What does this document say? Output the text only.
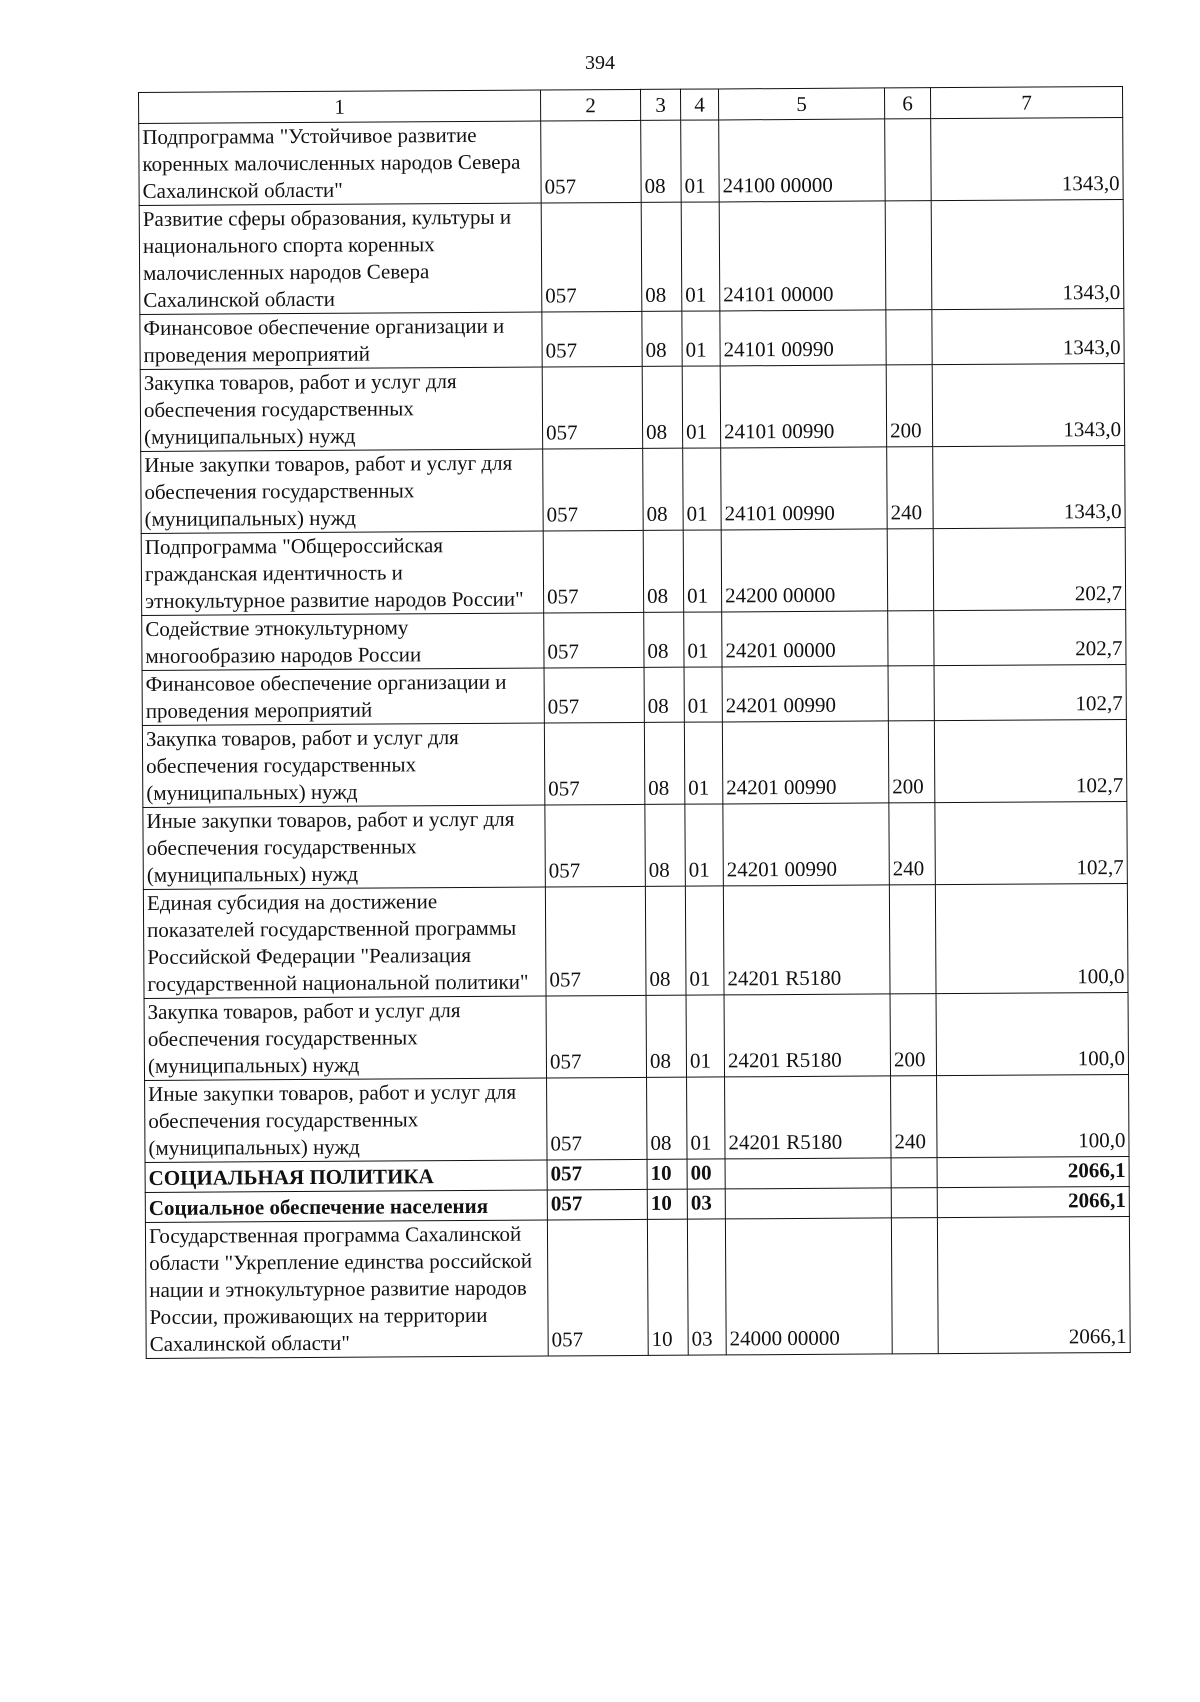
394
1	2	3	4	5	6	7
Подпрограмма "Устойчивое развитие коренных малочисленных народов Севера Сахалинской области"	057	08	01	24100 00000		1343,0
Развитие сферы образования, культуры и национального спорта коренных малочисленных народов Севера Сахалинской области	057	08	01	24101 00000		1343,0
Финансовое обеспечение организации и проведения мероприятий	057	08	01	24101 00990		1343,0
Закупка товаров, работ и услуг для обеспечения государственных (муниципальных) нужд	057	08	01	24101 00990	200	1343,0
Иные закупки товаров, работ и услуг для обеспечения государственных (муниципальных) нужд	057	08	01	24101 00990	240	1343,0
Подпрограмма "Общероссийская гражданская идентичность и этнокультурное развитие народов России"	057	08	01	24200 00000		202,7
Содействие этнокультурному многообразию народов России	057	08	01	24201 00000		202,7
Финансовое обеспечение организации и проведения мероприятий	057	08	01	24201 00990		102,7
Закупка товаров, работ и услуг для обеспечения государственных (муниципальных) нужд	057	08	01	24201 00990	200	102,7
Иные закупки товаров, работ и услуг для обеспечения государственных (муниципальных) нужд	057	08	01	24201 00990	240	102,7
Единая субсидия на достижение показателей государственной программы Российской Федерации "Реализация государственной национальной политики"	057	08	01	24201 R5180		100,0
Закупка товаров, работ и услуг для обеспечения государственных (муниципальных) нужд	057	08	01	24201 R5180	200	100,0
Иные закупки товаров, работ и услуг для обеспечения государственных (муниципальных) нужд	057	08	01	24201 R5180	240	100,0
СОЦИАЛЬНАЯ ПОЛИТИКА	057	10	00			2066,1
Социальное обеспечение населения	057	10	03			2066,1
Государственная программа Сахалинской области "Укрепление единства российской нации и этнокультурное развитие народов России, проживающих на территории Сахалинской области"	057	10	03	24000 00000		2066,1
